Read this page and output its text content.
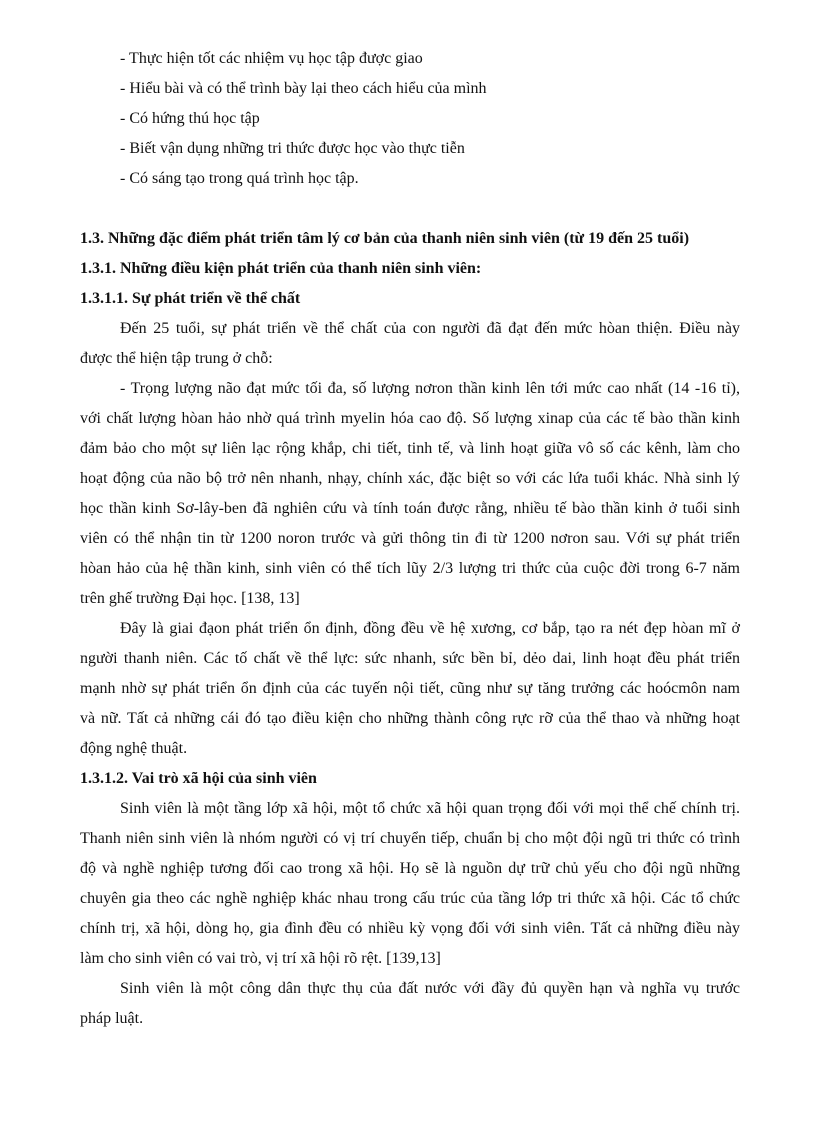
- Thực hiện tốt các nhiệm vụ học tập được giao
- Hiểu bài và có thể trình bày lại theo cách hiểu của mình
- Có hứng thú học tập
- Biết vận dụng những tri thức được học vào thực tiễn
- Có sáng tạo trong quá trình học tập.
1.3. Những đặc điểm phát triển tâm lý cơ bản của thanh niên sinh viên (từ 19 đến 25 tuổi)
1.3.1. Những điều kiện phát triển của thanh niên sinh viên:
1.3.1.1. Sự phát triển về thể chất
Đến 25 tuổi, sự phát triển về thể chất của con người đã đạt đến mức hòan thiện. Điều này
được thể hiện tập trung ở chỗ:
- Trọng lượng não đạt mức tối đa, số lượng nơron thần kinh lên tới mức cao nhất (14 -16 tỉ),
với chất lượng hòan hảo nhờ quá trình myelin hóa cao độ. Số lượng xinap của các tế bào thần kinh
đảm bảo cho một sự liên lạc rộng khắp, chi tiết, tinh tế, và linh hoạt giữa vô số các kênh, làm cho
hoạt động của não bộ trở nên nhanh, nhạy, chính xác, đặc biệt so với các lứa tuổi khác. Nhà sinh lý
học thần kinh Sơ-lây-ben đã nghiên cứu và tính toán được rằng, nhiều tế bào thần kinh ở tuổi sinh
viên có thể nhận tin từ 1200 noron trước và gửi thông tin đi từ 1200 nơron sau. Với sự phát triển
hòan hảo của hệ thần kinh, sinh viên có thể tích lũy 2/3 lượng tri thức của cuộc đời trong 6-7 năm
trên ghế trường Đại học. [138, 13]
Đây là giai đạon phát triển ổn định, đồng đều về hệ xương, cơ bắp, tạo ra nét đẹp hòan mĩ ở
người thanh niên. Các tố chất về thể lực: sức nhanh, sức bền bỉ, dẻo dai, linh hoạt đều phát triển
mạnh nhờ sự phát triển ổn định của các tuyến nội tiết, cũng như sự tăng trưởng các hoócmôn nam
và nữ. Tất cả những cái đó tạo điều kiện cho những thành công rực rỡ của thể thao và những hoạt
động nghệ thuật.
1.3.1.2. Vai trò xã hội của sinh viên
Sinh viên là một tầng lớp xã hội, một tổ chức xã hội quan trọng đối với mọi thể chế chính trị.
Thanh niên sinh viên là nhóm người có vị trí chuyển tiếp, chuẩn bị cho một đội ngũ tri thức có trình
độ và nghề nghiệp tương đối cao trong xã hội. Họ sẽ là nguồn dự trữ chủ yếu cho đội ngũ những
chuyên gia theo các nghề nghiệp khác nhau trong cấu trúc của tầng lớp tri thức xã hội. Các tổ chức
chính trị, xã hội, dòng họ, gia đình đều có nhiều kỳ vọng đối với sinh viên. Tất cả những điều này
làm cho sinh viên có vai trò, vị trí xã hội rõ rệt. [139,13]
Sinh viên là một công dân thực thụ của đất nước với đầy đủ quyền hạn và nghĩa vụ trước
pháp luật.
